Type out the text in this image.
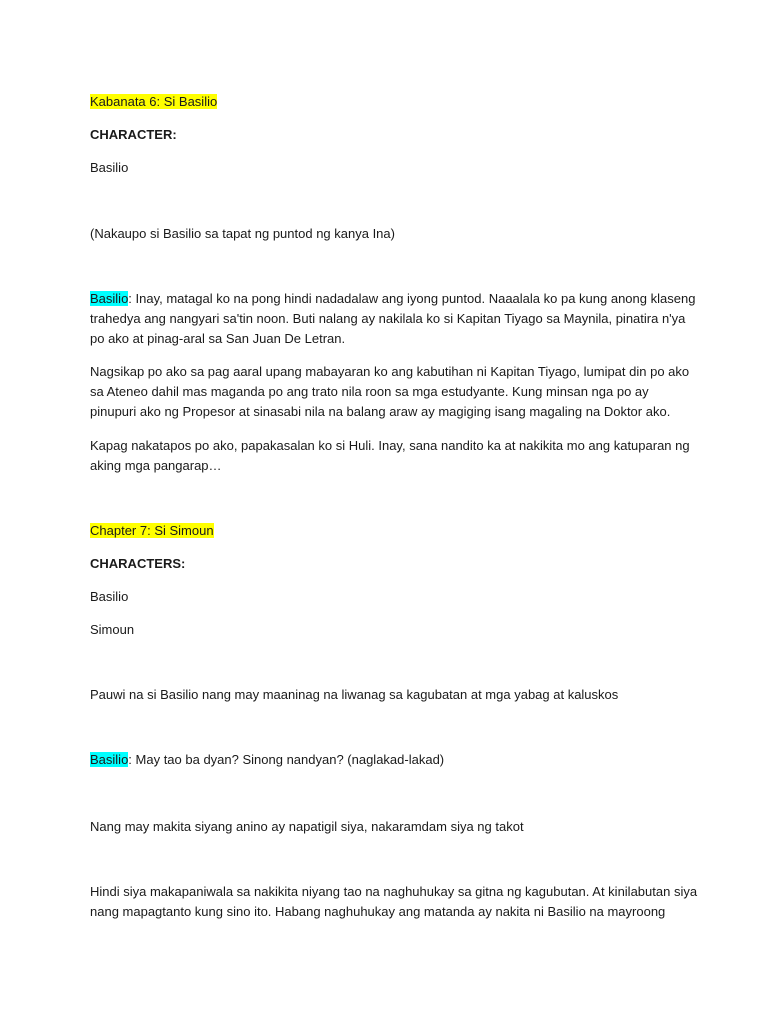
Kabanata 6: Si Basilio
CHARACTER:
Basilio
(Nakaupo si Basilio sa tapat ng puntod ng kanya Ina)
Basilio: Inay, matagal ko na pong hindi nadadalaw ang iyong puntod. Naaalala ko pa kung anong klaseng
trahedya ang nangyari sa'tin noon. Buti nalang ay nakilala ko si Kapitan Tiyago sa Maynila, pinatira n'ya
po ako at pinag-aral sa San Juan De Letran.
Nagsikap po ako sa pag aaral upang mabayaran ko ang kabutihan ni Kapitan Tiyago, lumipat din po ako
sa Ateneo dahil mas maganda po ang trato nila roon sa mga estudyante. Kung minsan nga po ay
pinupuri ako ng Propesor at sinasabi nila na balang araw ay magiging isang magaling na Doktor ako.
Kapag nakatapos po ako, papakasalan ko si Huli. Inay, sana nandito ka at nakikita mo ang katuparan ng
aking mga pangarap…
Chapter 7: Si Simoun
CHARACTERS:
Basilio
Simoun
Pauwi na si Basilio nang may maaninag na liwanag sa kagubatan at mga yabag at kaluskos
Basilio: May tao ba dyan? Sinong nandyan? (naglakad-lakad)
Nang may makita siyang anino ay napatigil siya, nakaramdam siya ng takot
Hindi siya makapaniwala sa nakikita niyang tao na naghuhukay sa gitna ng kagubutan. At kinilabutan siya
nang mapagtanto kung sino ito. Habang naghuhukay ang matanda ay nakita ni Basilio na mayroong
